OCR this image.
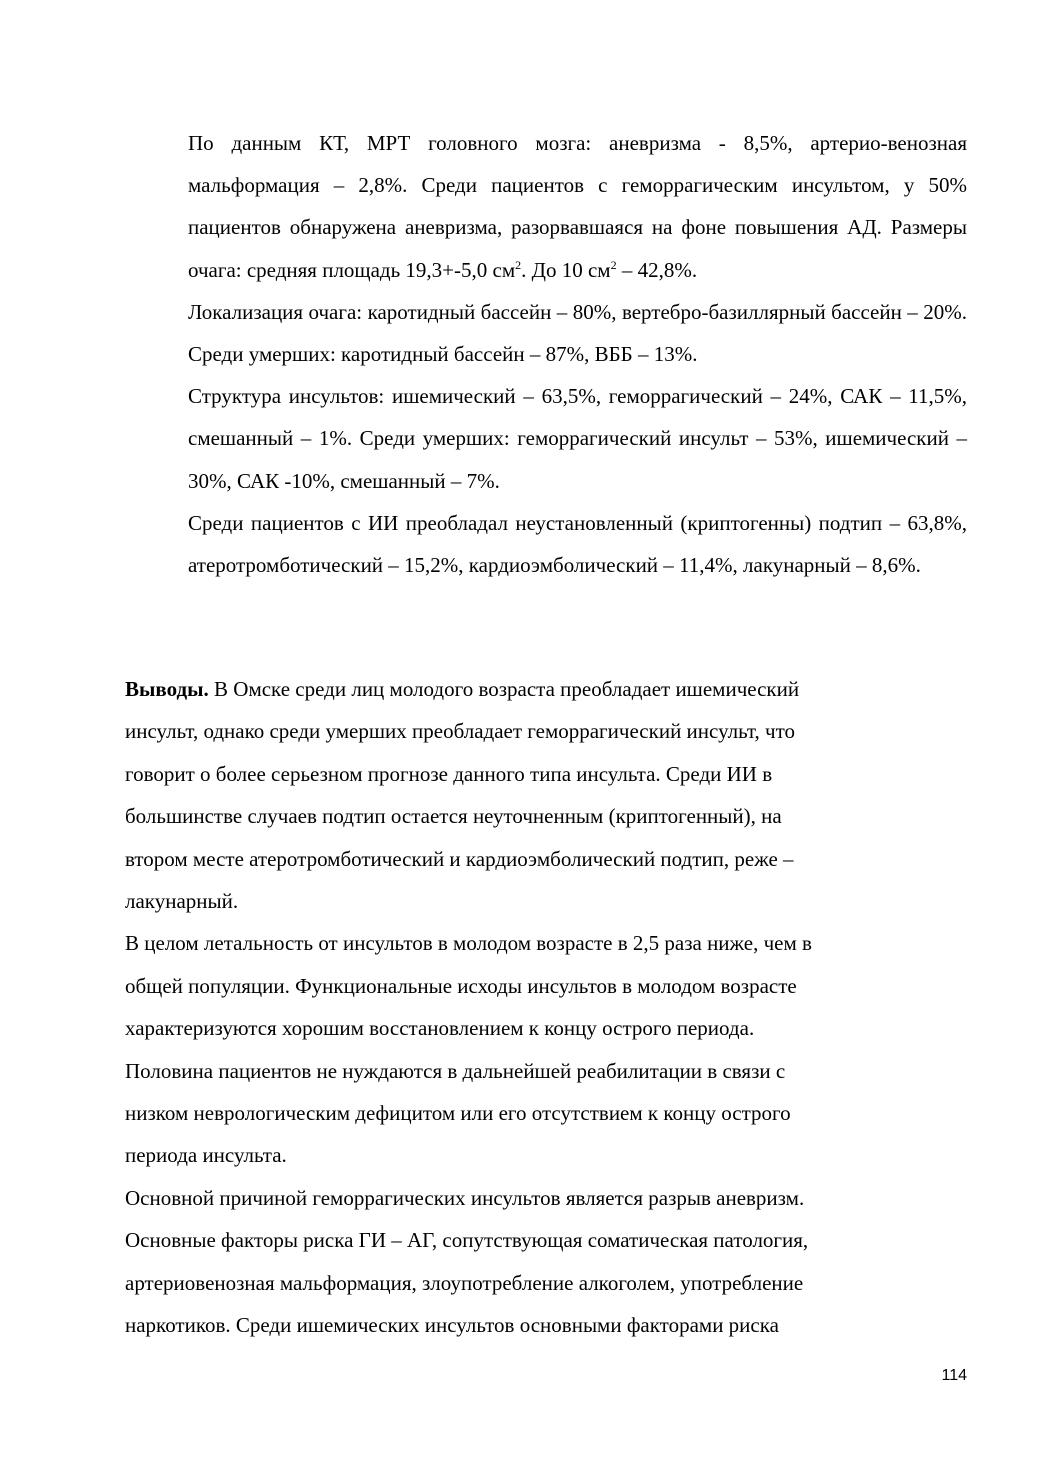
По данным КТ, МРТ головного мозга: аневризма - 8,5%, артерио-венозная мальформация – 2,8%. Среди пациентов с геморрагическим инсультом, у 50% пациентов обнаружена аневризма, разорвавшаяся на фоне повышения АД. Размеры очага: средняя площадь 19,3+-5,0 $см^2$. До 10 $см^2 - 42,8\%$.

Локализация очага: каротидный бассейн – 80%, вертебро-базиллярный бассейн – 20%. Среди умерших: каротидный бассейн – 87%, ВББ – 13%.

Структура инсультов: ишемический – 63,5%, геморрагический – 24%, САК – 11,5%, смешанный – 1%. Среди умерших: геморрагический инсульт – 53%, ишемический – 30%, САК -10%, смешанный – 7%.

Среди пациентов с ИИ преобладал неустановленный (криптогенны) подтип – 63,8%, атеротромботический – 15,2%, кардиоэмболический – 11,4%, лакунарный – 8,6%.

Выводы. В Омске среди лиц молодого возраста преобладает ишемический
инсульт, однако среди умерших преобладает геморрагический инсульт, что
говорит о более серьезном прогнозе данного типа инсульта. Среди ИИ в
большинстве случаев подтип остается неуточненным (криптогенный), на
втором месте атеротромботический и кардиоэмболический подтип, реже –
лакунарный.

В целом летальность от инсультов в молодом возрасте в 2,5 раза ниже, чем в
общей популяции. Функциональные исходы инсультов в молодом возрасте
характеризуются хорошим восстановлением к концу острого периода.
Половина пациентов не нуждаются в дальнейшей реабилитации в связи с
низком неврологическим дефицитом или его отсутствием к концу острого
периода инсульта.

Основной причиной геморрагических инсультов является разрыв аневризм.
Основные факторы риска ГИ – АГ, сопутствующая соматическая патология,
артериовенозная мальформация, злоупотребление алкоголем, употребление
наркотиков. Среди ишемических инсультов основными факторами риска

114
